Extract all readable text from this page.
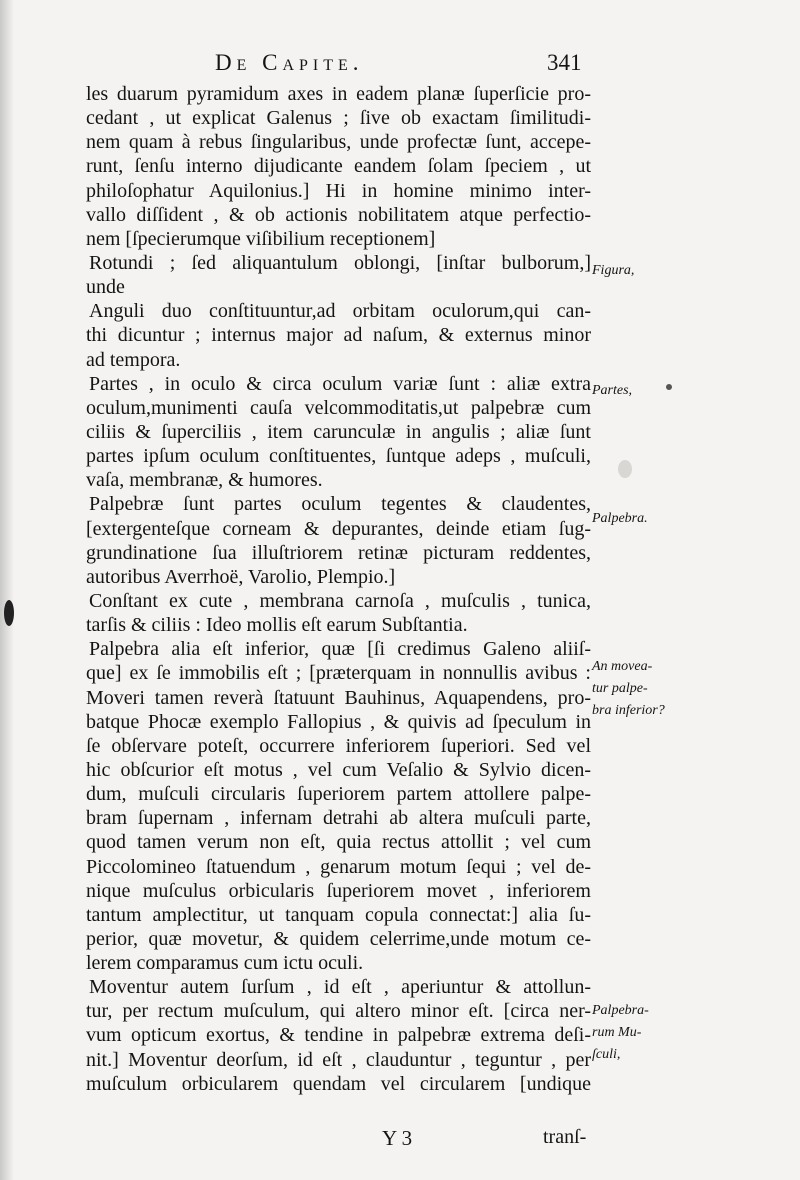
De Capite.	341
les duarum pyramidum axes in eadem planæ ſuperſicie pro-
cedant , ut explicat Galenus ; ſive ob exactam ſimilitudi-
nem quam à rebus ſingularibus, unde profectæ ſunt, accepe-
runt, ſenſu interno dijudicante eandem ſolam ſpeciem , ut
philoſophatur Aquilonius.] Hi in homine minimo inter-
vallo diſſident , & ob actionis nobilitatem atque perfectio-
nem [ſpecierumque viſibilium receptionem]
Rotundi ; ſed aliquantulum oblongi, [inſtar bulborum,]
unde
Anguli duo conſtituuntur,ad orbitam oculorum,qui can-
thi dicuntur ; internus major ad naſum, & externus minor
ad tempora.
Partes , in oculo & circa oculum variæ ſunt : aliæ extra
oculum,munimenti cauſa velcommoditatis,ut palpebræ cum
ciliis & ſuperciliis , item carunculæ in angulis ; aliæ ſunt
partes ipſum oculum conſtituentes, ſuntque adeps , muſculi,
vaſa, membranæ, & humores.
Palpebræ ſunt partes oculum tegentes & claudentes,
[extergenteſque corneam & depurantes, deinde etiam ſug-
grundinatione ſua illuſtriorem retinæ picturam reddentes,
autoribus Averrhoë, Varolio, Plempio.]
Conſtant ex cute , membrana carnoſa , muſculis , tunica,
tarſis & ciliis : Ideo mollis eſt earum Subſtantia.
Palpebra alia eſt inferior, quæ [ſi credimus Galeno aliiſ-
que] ex ſe immobilis eſt ; [præterquam in nonnullis avibus :
Moveri tamen reverà ſtatuunt Bauhinus, Aquapendens, pro-
batque Phocæ exemplo Fallopius , & quivis ad ſpeculum in
ſe obſervare poteſt, occurrere inferiorem ſuperiori. Sed vel
hic obſcurior eſt motus , vel cum Veſalio & Sylvio dicen-
dum, muſculi circularis ſuperiorem partem attollere palpe-
bram ſupernam , infernam detrahi ab altera muſculi parte,
quod tamen verum non eſt, quia rectus attollit ; vel cum
Piccolomineo ſtatuendum , genarum motum ſequi ; vel de-
nique muſculus orbicularis ſuperiorem movet , inferiorem
tantum amplectitur, ut tanquam copula connectat:] alia ſu-
perior, quæ movetur, & quidem celerrime,unde motum ce-
lerem comparamus cum ictu oculi.
Moventur autem ſurſum , id eſt , aperiuntur & attollun-
tur, per rectum muſculum, qui altero minor eſt. [circa ner-
vum opticum exortus, & tendine in palpebræ extrema deſi-
nit.] Moventur deorſum, id eſt , clauduntur , teguntur , per
muſculum orbicularem quendam vel circularem [undique
Figura,
Partes,
Palpebra.
An movea-
tur palpe-
bra inferior?
Palpebra-
rum Mu-
ſculi,
Y 3	tranſ-
